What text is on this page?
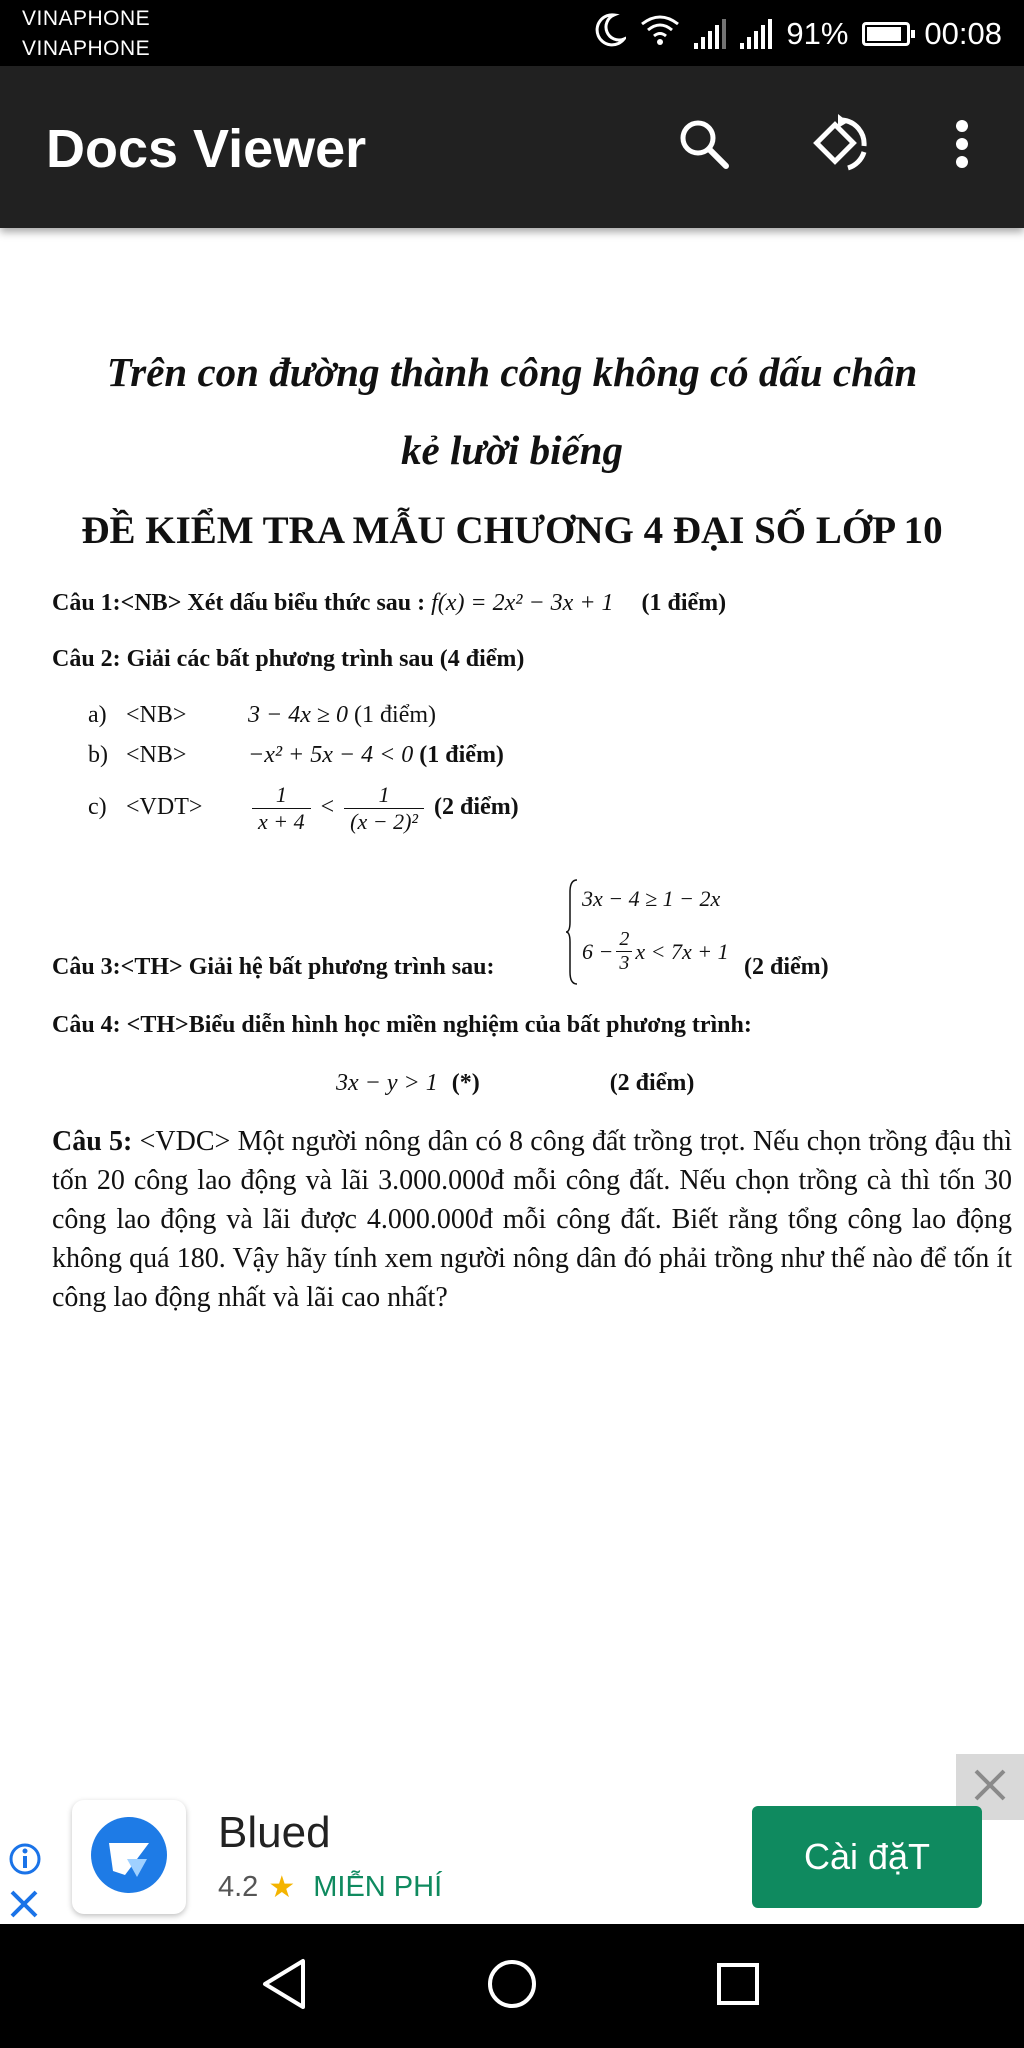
VINAPHONE
VINAPHONE	91% 00:08
Docs Viewer
Trên con đường thành công không có dấu chân
kẻ lười biếng
ĐỀ KIỂM TRA MẪU CHƯƠNG 4 ĐẠI SỐ LỚP 10
Câu 1:<NB> Xét dấu biểu thức sau : f(x) = 2x² − 3x + 1 (1 điểm)
Câu 2: Giải các bất phương trình sau (4 điểm)
a) <NB>	3 − 4x ≥ 0 (1 điểm)
b) <NB>	−x² + 5x − 4 < 0 (1 điểm)
$c) <VDT> \frac{1}{x + 4} < \frac{1}{\text{(x − 2)²}} (2$ điểm)
Câu 3:<TH> Giải hệ bất phương trình sau:
3x − 4 ≥ 1 − 2x
$6 - \frac{2}{3}$ x < 7x + 1
(2 điểm)
Câu 4: <TH>Biểu diễn hình học miền nghiệm của bất phương trình:
3x − y > 1 (*)	(2 điểm)
Câu 5: <VDC> Một người nông dân có 8 công đất trồng trọt. Nếu chọn trồng đậu thì tốn 20 công lao động và lãi 3.000.000đ mỗi công đất. Nếu chọn trồng cà thì tốn 30 công lao động và lãi được 4.000.000đ mỗi công đất. Biết rằng tổng công lao động không quá 180. Vậy hãy tính xem người nông dân đó phải trồng như thế nào để tốn ít công lao động nhất và lãi cao nhất?
Blued
4.2 ★ MIỄN PHÍ
Cài đặT
